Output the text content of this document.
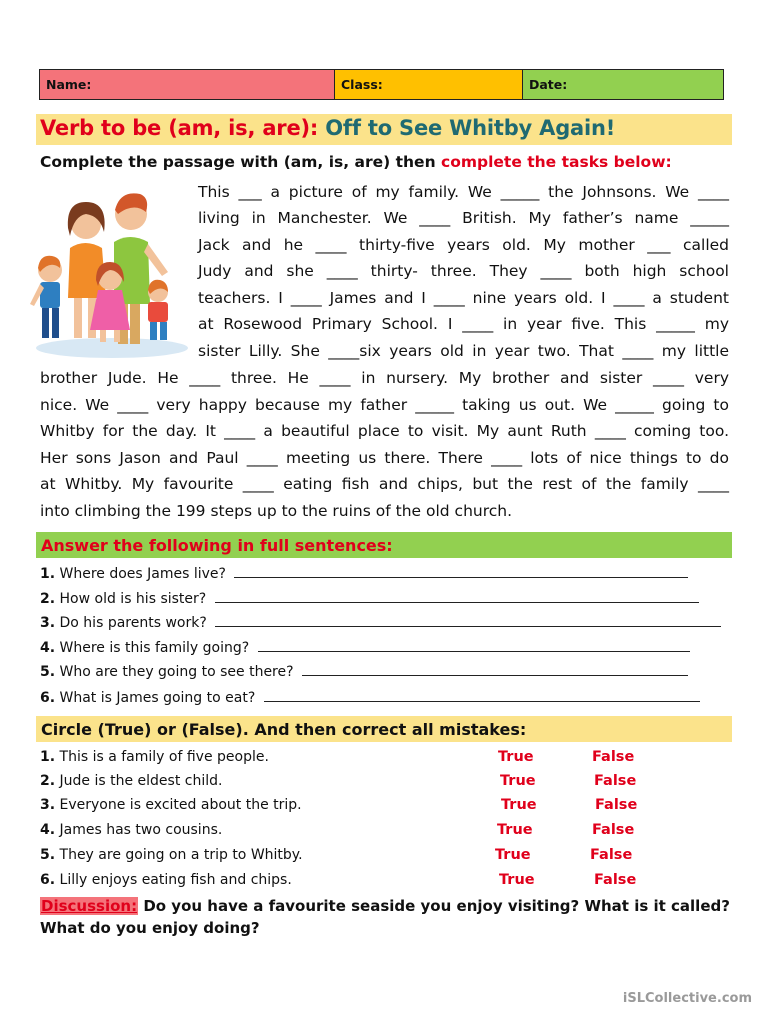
Name:	Class:	Date:
Verb to be (am, is, are): Off to See Whitby Again!
Complete the passage with (am, is, are) then complete the tasks below:
This ___ a picture of my family. We _____ the Johnsons. We ____
living in Manchester. We ____ British. My father’s name _____
Jack and he ____ thirty-five years old. My mother ___ called
Judy and she ____ thirty- three. They ____ both high school
teachers. I ____ James and I ____ nine years old. I ____ a student
at Rosewood Primary School. I ____ in year five. This _____ my
sister Lilly. She ____six years old in year two. That ____ my little
brother Jude. He ____ three. He ____ in nursery. My brother and sister ____ very
nice. We ____ very happy because my father _____ taking us out. We _____ going to
Whitby for the day. It ____ a beautiful place to visit. My aunt Ruth ____ coming too.
Her sons Jason and Paul ____ meeting us there. There ____ lots of nice things to do
at Whitby. My favourite ____ eating fish and chips, but the rest of the family ____
into climbing the 199 steps up to the ruins of the old church.
Answer the following in full sentences:
1. Where does James live?
2. How old is his sister?
3. Do his parents work?
4. Where is this family going?
5. Who are they going to see there?
6. What is James going to eat?
Circle (True) or (False). And then correct all mistakes:
1. This is a family of five people.	True	False
2. Jude is the eldest child.	True	False
3. Everyone is excited about the trip.	True	False
4. James has two cousins.	True	False
5. They are going on a trip to Whitby.	True	False
6. Lilly enjoys eating fish and chips.	True	False
Discussion: Do you have a favourite seaside you enjoy visiting? What is it called? What do you enjoy doing?
iSLCollective.com
